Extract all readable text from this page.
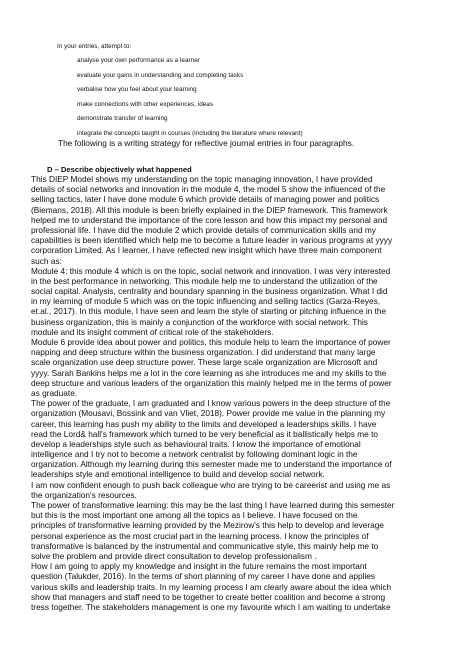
In your entries, attempt to:
analyse your own performance as a learner
evaluate your gains in understanding and completing tasks
verbalise how you feel about your learning
make connections with other experiences, ideas
demonstrate transfer of learning
integrate the concepts taught in courses (including the literature where relevant)
The following is a writing strategy for reflective journal entries in four paragraphs.
D – Describe objectively what happened
This DIEP Model shows my understanding on the topic managing innovation, I have provided
details of social networks and innovation in the module 4, the model 5 show the influenced of the
selling tactics, later I have done module 6 which provide details of managing power and politics
(Biemans, 2018). All this module is been briefly explained in the DIEP framework. This framework
helped me to understand the importance of the core lesson and how this impact my personal and
professional life. I have did the module 2 which provide details of communication skills and my
capabilities is been identified which help me to become a future leader in various programs at yyyy
corporation Limited. As I learner, I have reflected new insight which have three main component
such as:
Module 4: this module 4 which is on the topic, social network and innovation. I was very interested
in the best performance in networking. This module help me to understand the utilization of the
social capital. Analysis, centrality and boundary spanning in the business organization. What I did
in my learning of module 5 which was on the topic influencing and selling tactics (Garza-Reyes,
et.al., 2017). In this module, I have seen and learn the style of starting or pitching influence in the
business organization, this is mainly a conjunction of the workforce with social network. This
module and its insight comment of critical role of the stakeholders.
Module 6 provide idea about power and politics, this module help to learn the importance of power
napping and deep structure within the business organization. I did understand that many large
scale organization use deep structure power. These large scale organization are Microsoft and
yyyy. Sarah Bankins helps me a lot in the core learning as she introduces me and my skills to the
deep structure and various leaders of the organization this mainly helped me in the terms of power
as graduate.
The power of the graduate, I am graduated and I know various powers in the deep structure of the
organization (Mousavi, Bossink and van Vliet, 2018). Power provide me value in the planning my
career, this learning has push my ability to the limits and developed a leaderships skills. I have
read the Lord& hall's framework which turned to be very beneficial as it ballistically helps me to
develop a leaderships style such as behavioural traits. I know the importance of emotional
intelligence and I try not to become a network centralist by following dominant logic in the
organization. Although my learning during this semester made me to understand the importance of
leaderships style and emotional intelligence to build and develop social network.
I am now confident enough to push back colleague who are trying to be careerist and using me as
the organization's resources.
The power of transformative learning: this may be the last thing I have learned during this semester
but this is the most important one among all the topics as I believe. I have focused on the
principles of transformative learning provided by the Mezirow's this help to develop and leverage
personal experience as the most crucial part in the learning process. I know the principles of
transformative is balanced by the instrumental and communicative style, this mainly help me to
solve the problem and provide direct consultation to develop professionalism .
How I am going to apply my knowledge and insight in the future remains the most important
question (Talukder, 2016). In the terms of short planning of my career I have done and applies
various skills and leadership traits. In my learning process I am clearly aware about the idea which
show that managers and staff need to be together to create better coalition and become a strong
tress together. The stakeholders management is one my favourite which I am waiting to undertake
